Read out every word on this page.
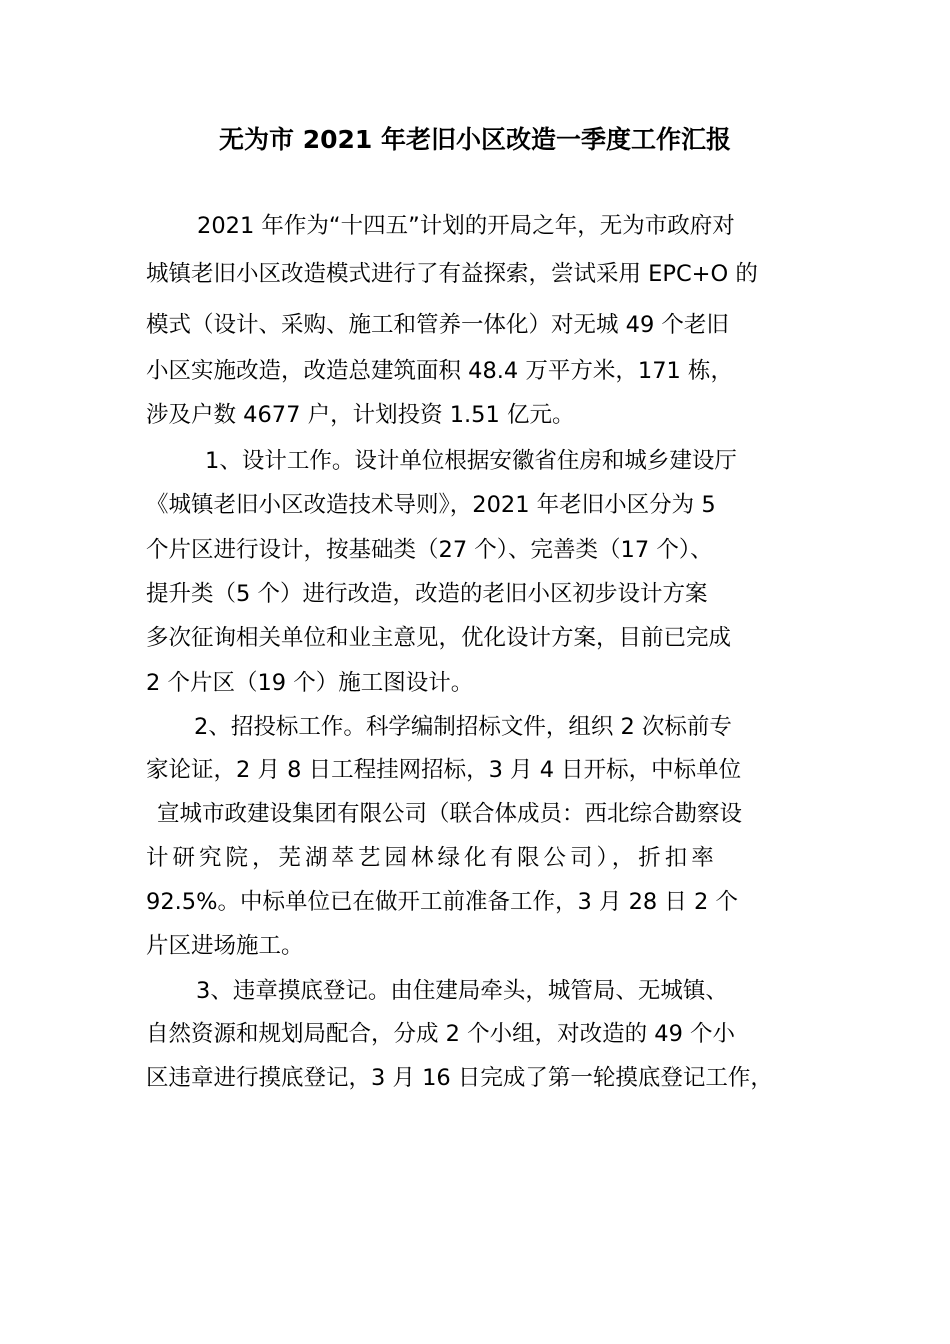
无为市 2021 年老旧小区改造一季度工作汇报
2021 年作为“十四五”计划的开局之年，无为市政府对
城镇老旧小区改造模式进行了有益探索，尝试采用 EPC+O 的
模式（设计、采购、施工和管养一体化）对无城 49 个老旧
小区实施改造，改造总建筑面积 48.4 万平方米，171 栋，
涉及户数 4677 户，计划投资 1.51 亿元。
1、设计工作。设计单位根据安徽省住房和城乡建设厅
《城镇老旧小区改造技术导则》，2021 年老旧小区分为 5
个片区进行设计，按基础类（27 个）、完善类（17 个）、
提升类（5 个）进行改造，改造的老旧小区初步设计方案
多次征询相关单位和业主意见，优化设计方案，目前已完成
2 个片区（19 个）施工图设计。
2、招投标工作。科学编制招标文件，组织 2 次标前专
家论证，2 月 8 日工程挂网招标，3 月 4 日开标，中标单位
宣城市政建设集团有限公司（联合体成员：西北综合勘察设
计研究院，芜湖萃艺园林绿化有限公司），折扣率
92.5%。中标单位已在做开工前准备工作，3 月 28 日 2 个
片区进场施工。
3、违章摸底登记。由住建局牵头，城管局、无城镇、
自然资源和规划局配合，分成 2 个小组，对改造的 49 个小
区违章进行摸底登记，3 月 16 日完成了第一轮摸底登记工作，
